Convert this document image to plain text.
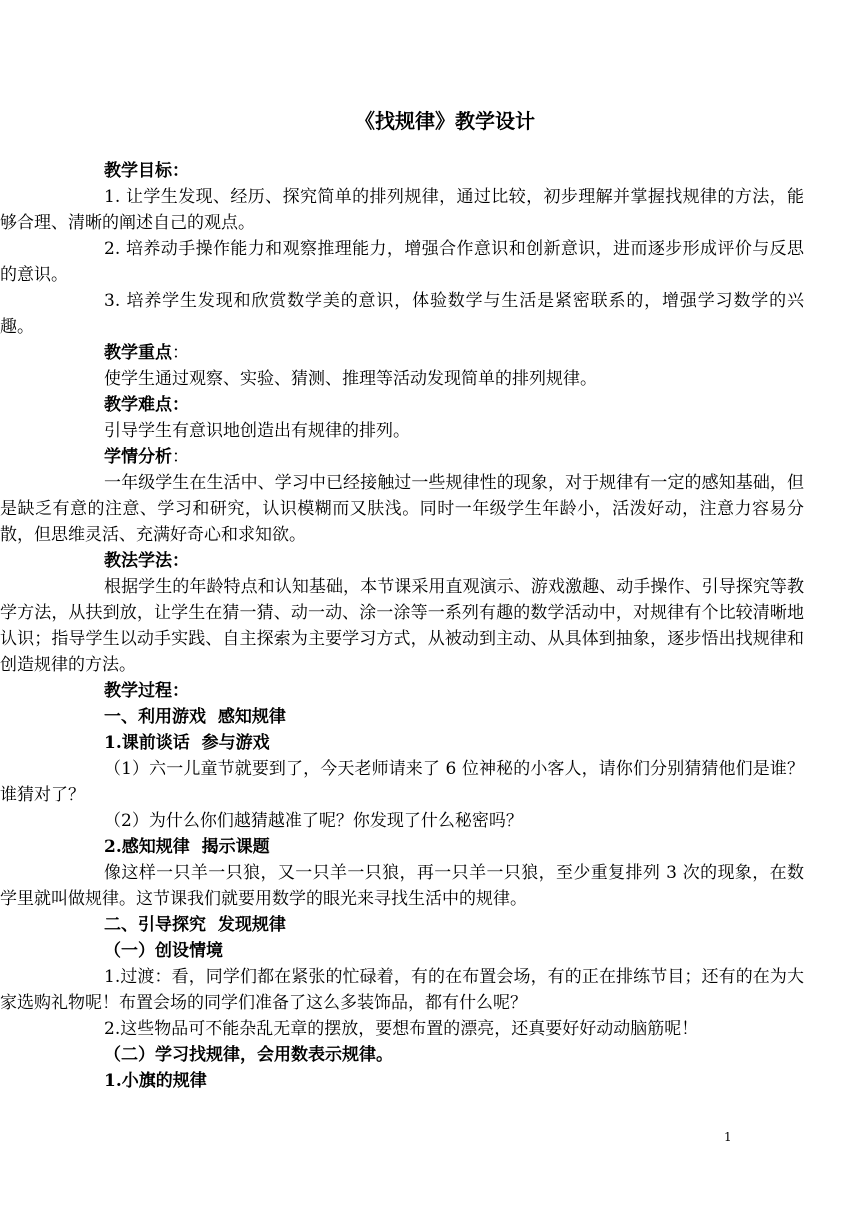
《找规律》教学设计

教学目标：

1. 让学生发现、经历、探究简单的排列规律，通过比较，初步理解并掌握找规律的方法，能够合理、清晰的阐述自己的观点。

2. 培养动手操作能力和观察推理能力，增强合作意识和创新意识，进而逐步形成评价与反思的意识。

3. 培养学生发现和欣赏数学美的意识，体验数学与生活是紧密联系的，增强学习数学的兴趣。

教学重点：

使学生通过观察、实验、猜测、推理等活动发现简单的排列规律。

教学难点：

引导学生有意识地创造出有规律的排列。

学情分析：

一年级学生在生活中、学习中已经接触过一些规律性的现象，对于规律有一定的感知基础，但是缺乏有意的注意、学习和研究，认识模糊而又肤浅。同时一年级学生年龄小，活泼好动，注意力容易分散，但思维灵活、充满好奇心和求知欲。

教法学法：

根据学生的年龄特点和认知基础，本节课采用直观演示、游戏激趣、动手操作、引导探究等教学方法，从扶到放，让学生在猜一猜、动一动、涂一涂等一系列有趣的数学活动中，对规律有个比较清晰地认识；指导学生以动手实践、自主探索为主要学习方式，从被动到主动、从具体到抽象，逐步悟出找规律和创造规律的方法。

教学过程：

一、利用游戏  感知规律

1.课前谈话  参与游戏

（1）六一儿童节就要到了，今天老师请来了 6 位神秘的小客人，请你们分别猜猜他们是谁？谁猜对了？

（2）为什么你们越猜越准了呢？你发现了什么秘密吗？

2.感知规律  揭示课题

像这样一只羊一只狼，又一只羊一只狼，再一只羊一只狼，至少重复排列 3 次的现象，在数学里就叫做规律。这节课我们就要用数学的眼光来寻找生活中的规律。

二、引导探究  发现规律

（一）创设情境

1.过渡：看，同学们都在紧张的忙碌着，有的在布置会场，有的正在排练节目；还有的在为大家选购礼物呢！布置会场的同学们准备了这么多装饰品，都有什么呢？

2.这些物品可不能杂乱无章的摆放，要想布置的漂亮，还真要好好动动脑筋呢！

（二）学习找规律，会用数表示规律。

1.小旗的规律

1
